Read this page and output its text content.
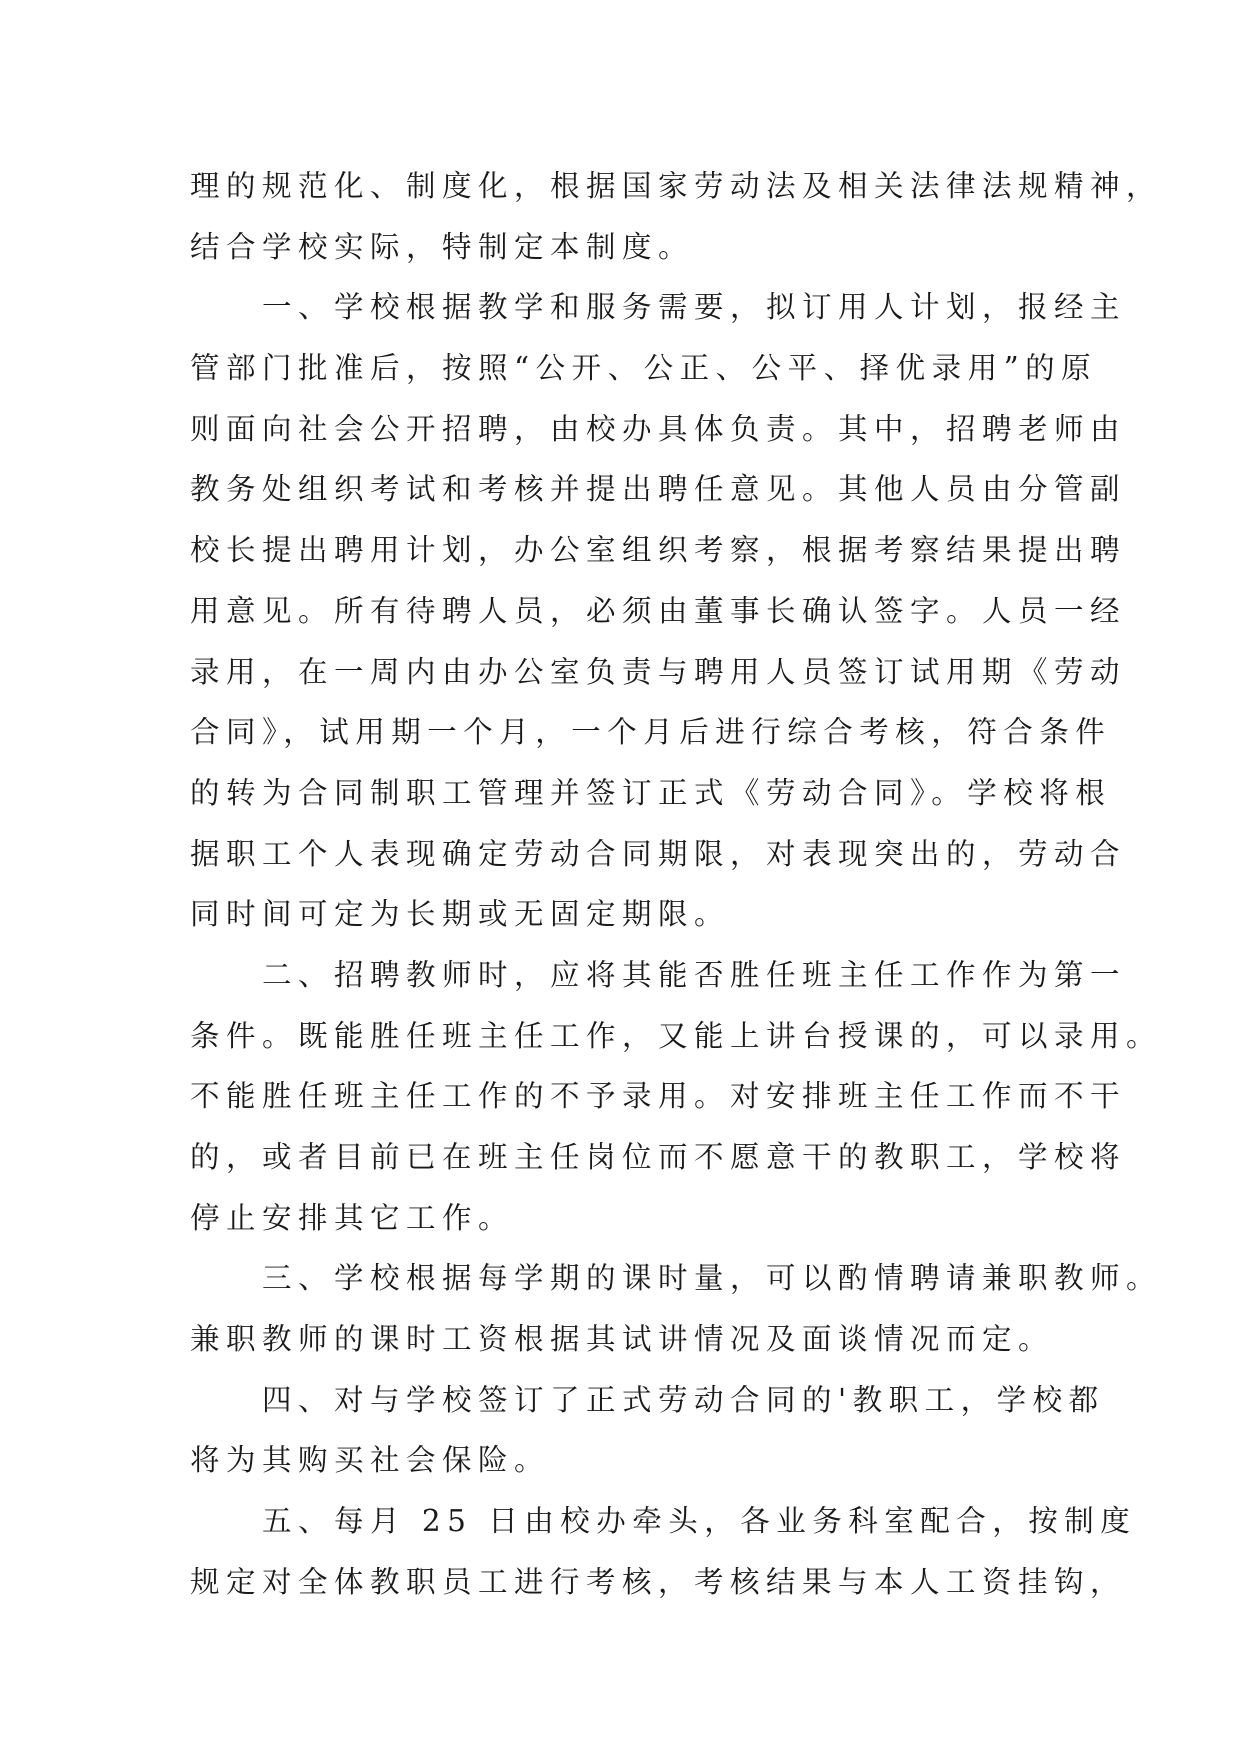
理的规范化、制度化，根据国家劳动法及相关法律法规精神，
结合学校实际，特制定本制度。
一、学校根据教学和服务需要，拟订用人计划，报经主
管部门批准后，按照“公开、公正、公平、择优录用”的原
则面向社会公开招聘，由校办具体负责。其中，招聘老师由
教务处组织考试和考核并提出聘任意见。其他人员由分管副
校长提出聘用计划，办公室组织考察，根据考察结果提出聘
用意见。所有待聘人员，必须由董事长确认签字。人员一经
录用，在一周内由办公室负责与聘用人员签订试用期《劳动
合同》，试用期一个月，一个月后进行综合考核，符合条件
的转为合同制职工管理并签订正式《劳动合同》。学校将根
据职工个人表现确定劳动合同期限，对表现突出的，劳动合
同时间可定为长期或无固定期限。
二、招聘教师时，应将其能否胜任班主任工作作为第一
条件。既能胜任班主任工作，又能上讲台授课的，可以录用。
不能胜任班主任工作的不予录用。对安排班主任工作而不干
的，或者目前已在班主任岗位而不愿意干的教职工，学校将
停止安排其它工作。
三、学校根据每学期的课时量，可以酌情聘请兼职教师。
兼职教师的课时工资根据其试讲情况及面谈情况而定。
四、对与学校签订了正式劳动合同的'教职工，学校都
将为其购买社会保险。
五、每月 25 日由校办牵头，各业务科室配合，按制度
规定对全体教职员工进行考核，考核结果与本人工资挂钩，
